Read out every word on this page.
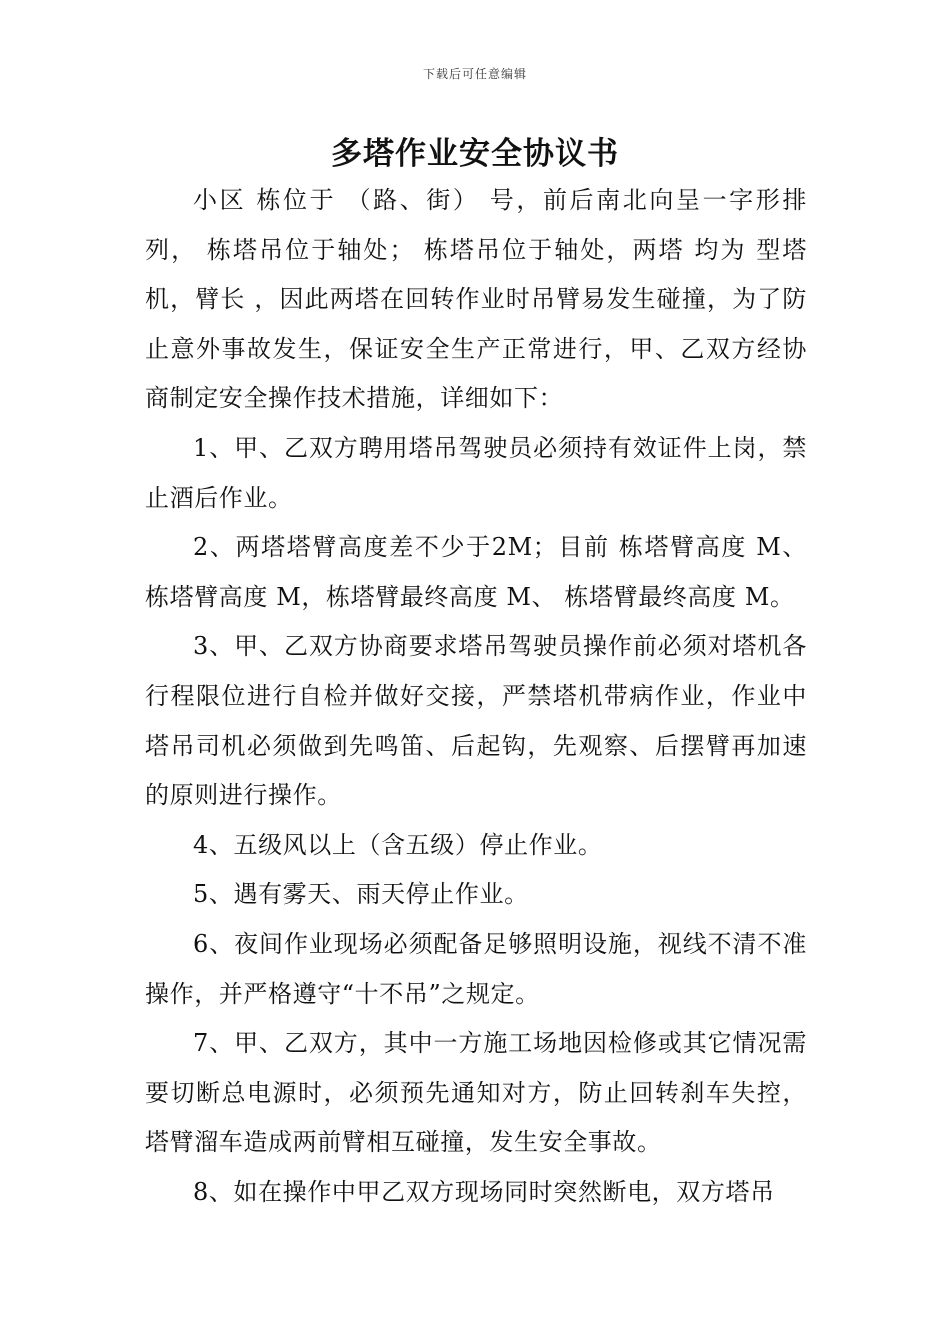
下载后可任意编辑
多塔作业安全协议书

小区 栋位于 （路、街） 号，前后南北向呈一字形排列， 栋塔吊位于轴处； 栋塔吊位于轴处，两塔 均为 型塔机，臂长 ，因此两塔在回转作业时吊臂易发生碰撞，为了防止意外事故发生，保证安全生产正常进行，甲、乙双方经协商制定安全操作技术措施，详细如下：

1、甲、乙双方聘用塔吊驾驶员必须持有效证件上岗，禁止酒后作业。

2、两塔塔臂高度差不少于2M；目前 栋塔臂高度 M、 栋塔臂高度 M，栋塔臂最终高度 M、 栋塔臂最终高度 M。

3、甲、乙双方协商要求塔吊驾驶员操作前必须对塔机各行程限位进行自检并做好交接，严禁塔机带病作业，作业中塔吊司机必须做到先鸣笛、后起钩，先观察、后摆臂再加速的原则进行操作。

4、五级风以上（含五级）停止作业。

5、遇有雾天、雨天停止作业。

6、夜间作业现场必须配备足够照明设施，视线不清不准操作，并严格遵守“十不吊”之规定。

7、甲、乙双方，其中一方施工场地因检修或其它情况需要切断总电源时，必须预先通知对方，防止回转刹车失控，塔臂溜车造成两前臂相互碰撞，发生安全事故。

8、如在操作中甲乙双方现场同时突然断电，双方塔吊
